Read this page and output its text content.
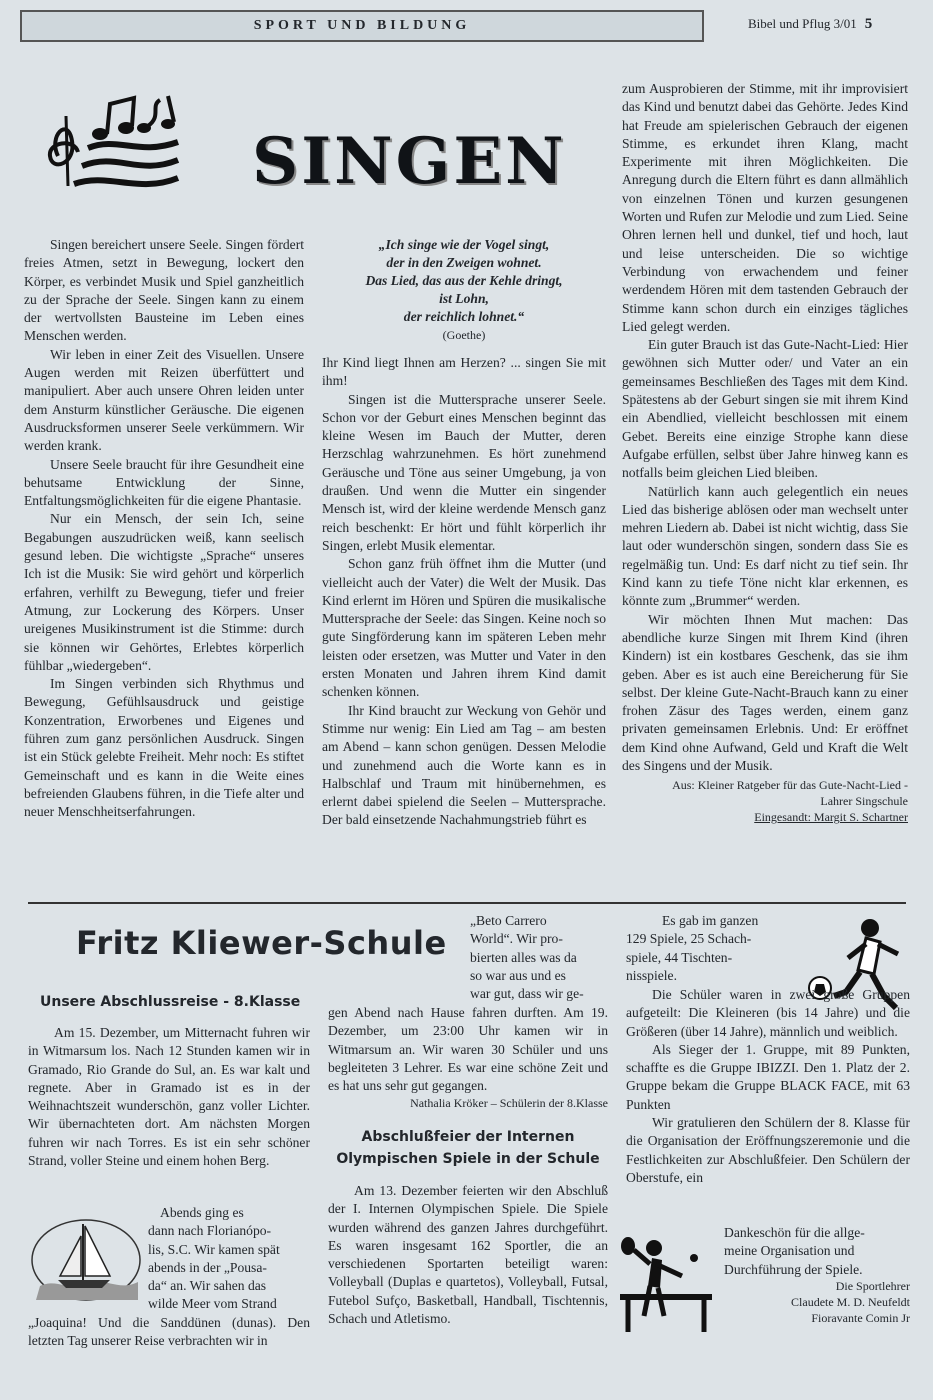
SPORT UND BILDUNG	Bibel und Pflug 3/01 5
SINGEN

Singen bereichert unsere Seele. Singen fördert freies Atmen, setzt in Bewegung, lockert den Körper, es verbindet Musik und Spiel ganzheitlich zu der Sprache der Seele. Singen kann zu einem der wertvollsten Bausteine im Leben eines Menschen werden.

Wir leben in einer Zeit des Visuellen. Unsere Augen werden mit Reizen überfüttert und manipuliert. Aber auch unsere Ohren leiden unter dem Ansturm künstlicher Geräusche. Die eigenen Ausdrucksformen unserer Seele verkümmern. Wir werden krank.

Unsere Seele braucht für ihre Gesundheit eine behutsame Entwicklung der Sinne, Entfaltungsmöglichkeiten für die eigene Phantasie.

Nur ein Mensch, der sein Ich, seine Begabungen auszudrücken weiß, kann seelisch gesund leben. Die wichtigste „Sprache“ unseres Ich ist die Musik: Sie wird gehört und körperlich erfahren, verhilft zu Bewegung, tiefer und freier Atmung, zur Lockerung des Körpers. Unser ureigenes Musikinstrument ist die Stimme: durch sie können wir Gehörtes, Erlebtes körperlich fühlbar „wiedergeben“.

Im Singen verbinden sich Rhythmus und Bewegung, Gefühlsausdruck und geistige Konzentration, Erworbenes und Eigenes und führen zum ganz persönlichen Ausdruck. Singen ist ein Stück gelebte Freiheit. Mehr noch: Es stiftet Gemeinschaft und es kann in die Weite eines befreienden Glaubens führen, in die Tiefe alter und neuer Menschheitserfahrungen.

„Ich singe wie der Vogel singt,
der in den Zweigen wohnet.
Das Lied, das aus der Kehle dringt,
ist Lohn,
der reichlich lohnet.“
(Goethe)

Ihr Kind liegt Ihnen am Herzen? ... singen Sie mit ihm!

Singen ist die Muttersprache unserer Seele. Schon vor der Geburt eines Menschen beginnt das kleine Wesen im Bauch der Mutter, deren Herzschlag wahrzunehmen. Es hört zunehmend Geräusche und Töne aus seiner Umgebung, ja von draußen. Und wenn die Mutter ein singender Mensch ist, wird der kleine werdende Mensch ganz reich beschenkt: Er hört und fühlt körperlich ihr Singen, erlebt Musik elementar.

Schon ganz früh öffnet ihm die Mutter (und vielleicht auch der Vater) die Welt der Musik. Das Kind erlernt im Hören und Spüren die musikalische Muttersprache der Seele: das Singen. Keine noch so gute Singförderung kann im späteren Leben mehr leisten oder ersetzen, was Mutter und Vater in den ersten Monaten und Jahren ihrem Kind damit schenken können.

Ihr Kind braucht zur Weckung von Gehör und Stimme nur wenig: Ein Lied am Tag – am besten am Abend – kann schon genügen. Dessen Melodie und zunehmend auch die Worte kann es in Halbschlaf und Traum mit hinübernehmen, es erlernt dabei spielend die Seelen – Muttersprache. Der bald einsetzende Nachahmungstrieb führt es

zum Ausprobieren der Stimme, mit ihr improvisiert das Kind und benutzt dabei das Gehörte. Jedes Kind hat Freude am spielerischen Gebrauch der eigenen Stimme, es erkundet ihren Klang, macht Experimente mit ihren Möglichkeiten. Die Anregung durch die Eltern führt es dann allmählich von einzelnen Tönen und kurzen gesungenen Worten und Rufen zur Melodie und zum Lied. Seine Ohren lernen hell und dunkel, tief und hoch, laut und leise unterscheiden. Die so wichtige Verbindung von erwachendem und feiner werdendem Hören mit dem tastenden Gebrauch der Stimme kann schon durch ein einziges tägliches Lied gelegt werden.

Ein guter Brauch ist das Gute-Nacht-Lied: Hier gewöhnen sich Mutter oder/ und Vater an ein gemeinsames Beschließen des Tages mit dem Kind. Spätestens ab der Geburt singen sie mit ihrem Kind ein Abendlied, vielleicht beschlossen mit einem Gebet. Bereits eine einzige Strophe kann diese Aufgabe erfüllen, selbst über Jahre hinweg kann es notfalls beim gleichen Lied bleiben.

Natürlich kann auch gelegentlich ein neues Lied das bisherige ablösen oder man wechselt unter mehren Liedern ab. Dabei ist nicht wichtig, dass Sie laut oder wunderschön singen, sondern dass Sie es regelmäßig tun. Und: Es darf nicht zu tief sein. Ihr Kind kann zu tiefe Töne nicht klar erkennen, es könnte zum „Brummer“ werden.

Wir möchten Ihnen Mut machen: Das abendliche kurze Singen mit Ihrem Kind (ihren Kindern) ist ein kostbares Geschenk, das sie ihm geben. Aber es ist auch eine Bereicherung für Sie selbst. Der kleine Gute-Nacht-Brauch kann zu einer frohen Zäsur des Tages werden, einem ganz privaten gemeinsamen Erlebnis. Und: Er eröffnet dem Kind ohne Aufwand, Geld und Kraft die Welt des Singens und der Musik.

Aus: Kleiner Ratgeber für das Gute-Nacht-Lied -
Lahrer Singschule
Eingesandt: Margit S. Schartner
Fritz Kliewer-Schule
Unsere Abschlussreise - 8.Klasse

Am 15. Dezember, um Mitternacht fuhren wir in Witmarsum los. Nach 12 Stunden kamen wir in Gramado, Rio Grande do Sul, an. Es war kalt und regnete. Aber in Gramado ist es in der Weihnachtszeit wunderschön, ganz voller Lichter. Wir übernachteten dort. Am nächsten Morgen fuhren wir nach Torres. Es ist ein sehr schöner Strand, voller Steine und einem hohen Berg.

Abends ging es
dann nach Florianópo-
lis, S.C. Wir kamen spät
abends in der „Pousa-
da“ an. Wir sahen das
wilde Meer vom Strand

„Joaquina! Und die Sanddünen (dunas). Den letzten Tag unserer Reise verbrachten wir in

„Beto Carrero
World“. Wir pro-
bierten alles was da
so war aus und es
war gut, dass wir ge-

gen Abend nach Hause fahren durften. Am 19. Dezember, um 23:00 Uhr kamen wir in Witmarsum an. Wir waren 30 Schüler und uns begleiteten 3 Lehrer. Es war eine schöne Zeit und es hat uns sehr gut gegangen.

Nathalia Kröker – Schülerin der 8.Klasse
Abschlußfeier der Internen
Olympischen Spiele in der Schule

Am 13. Dezember feierten wir den Abschluß der I. Internen Olympischen Spiele. Die Spiele wurden während des ganzen Jahres durchgeführt. Es waren insgesamt 162 Sportler, die an verschiedenen Sportarten beteiligt waren: Volleyball (Duplas e quartetos), Volleyball, Futsal, Futebol Sufço, Basketball, Handball, Tischtennis, Schach und Atletismo.

Es gab im ganzen
129 Spiele, 25 Schach-
spiele, 44 Tischten-
nisspiele.

Die Schüler waren in zwei große Gruppen aufgeteilt: Die Kleineren (bis 14 Jahre) und die Größeren (über 14 Jahre), männlich und weiblich.

Als Sieger der 1. Gruppe, mit 89 Punkten, schaffte es die Gruppe IBIZZI. Den 1. Platz der 2. Gruppe bekam die Gruppe BLACK FACE, mit 63 Punkten

Wir gratulieren den Schülern der 8. Klasse für die Organisation der Eröffnungszeremonie und die Festlichkeiten zur Abschlußfeier. Den Schülern der Oberstufe, ein

Dankeschön für die allge-
meine Organisation und
Durchführung der Spiele.
Die Sportlehrer
Claudete M. D. Neufeldt
Fioravante Comin Jr
